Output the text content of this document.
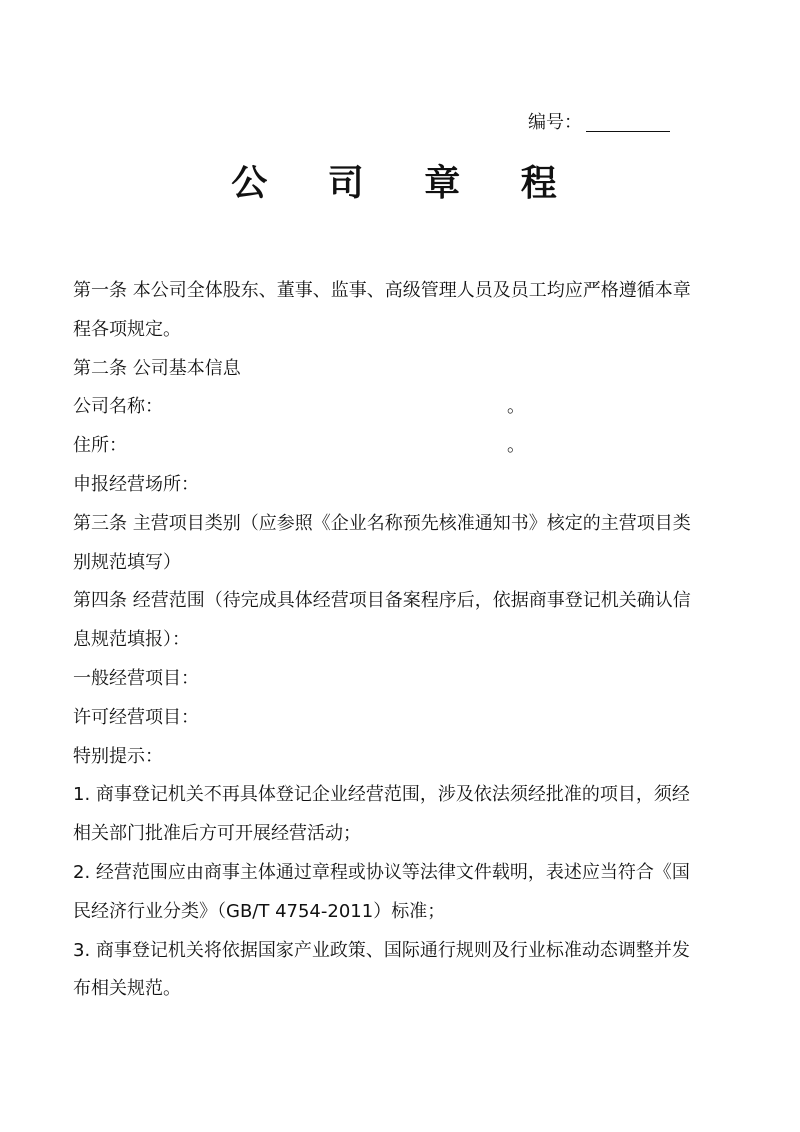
编号：
公 司 章 程
第一条 本公司全体股东、董事、监事、高级管理人员及员工均应严格遵循本章
程各项规定。
第二条 公司基本信息
公司名称：	。
住所：	。
申报经营场所：
第三条 主营项目类别（应参照《企业名称预先核准通知书》核定的主营项目类
别规范填写）
第四条 经营范围（待完成具体经营项目备案程序后，依据商事登记机关确认信
息规范填报）：
一般经营项目：
许可经营项目：
特别提示：
1. 商事登记机关不再具体登记企业经营范围，涉及依法须经批准的项目，须经
相关部门批准后方可开展经营活动；
2. 经营范围应由商事主体通过章程或协议等法律文件载明，表述应当符合《国
民经济行业分类》（GB/T 4754-2011）标准；
3. 商事登记机关将依据国家产业政策、国际通行规则及行业标准动态调整并发
布相关规范。
